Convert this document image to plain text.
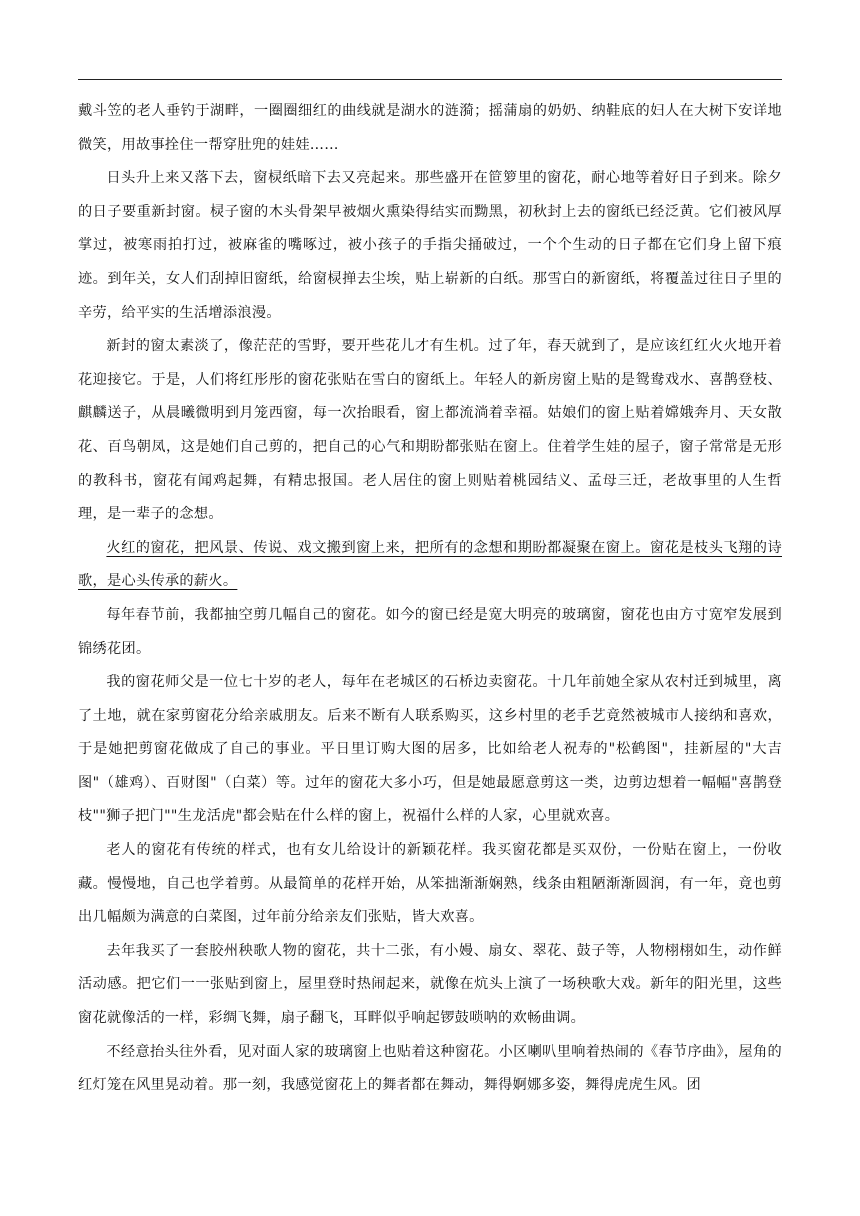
戴斗笠的老人垂钓于湖畔，一圈圈细红的曲线就是湖水的涟漪；摇蒲扇的奶奶、纳鞋底的妇人在大树下安详地微笑，用故事拴住一帮穿肚兜的娃娃……

日头升上来又落下去，窗棂纸暗下去又亮起来。那些盛开在笸箩里的窗花，耐心地等着好日子到来。除夕的日子要重新封窗。棂子窗的木头骨架早被烟火熏染得结实而黝黑，初秋封上去的窗纸已经泛黄。它们被风厚掌过，被寒雨拍打过，被麻雀的嘴啄过，被小孩子的手指尖捅破过，一个个生动的日子都在它们身上留下痕迹。到年关，女人们刮掉旧窗纸，给窗棂掸去尘埃，贴上崭新的白纸。那雪白的新窗纸，将覆盖过往日子里的辛劳，给平实的生活增添浪漫。

新封的窗太素淡了，像茫茫的雪野，要开些花儿才有生机。过了年，春天就到了，是应该红红火火地开着花迎接它。于是，人们将红彤彤的窗花张贴在雪白的窗纸上。年轻人的新房窗上贴的是鸳鸯戏水、喜鹊登枝、麒麟送子，从晨曦微明到月笼西窗，每一次抬眼看，窗上都流淌着幸福。姑娘们的窗上贴着嫦娥奔月、天女散花、百鸟朝凤，这是她们自己剪的，把自己的心气和期盼都张贴在窗上。住着学生娃的屋子，窗子常常是无形的教科书，窗花有闻鸡起舞，有精忠报国。老人居住的窗上则贴着桃园结义、孟母三迁，老故事里的人生哲理，是一辈子的念想。

火红的窗花，把风景、传说、戏文搬到窗上来，把所有的念想和期盼都凝聚在窗上。窗花是枝头飞翔的诗歌，是心头传承的薪火。

每年春节前，我都抽空剪几幅自己的窗花。如今的窗已经是宽大明亮的玻璃窗，窗花也由方寸宽窄发展到锦绣花团。

我的窗花师父是一位七十岁的老人，每年在老城区的石桥边卖窗花。十几年前她全家从农村迁到城里，离了土地，就在家剪窗花分给亲戚朋友。后来不断有人联系购买，这乡村里的老手艺竟然被城市人接纳和喜欢，于是她把剪窗花做成了自己的事业。平日里订购大图的居多，比如给老人祝寿的"松鹤图"，挂新屋的"大吉图"（雄鸡）、百财图"（白菜）等。过年的窗花大多小巧，但是她最愿意剪这一类，边剪边想着一幅幅"喜鹊登枝""狮子把门""生龙活虎"都会贴在什么样的窗上，祝福什么样的人家，心里就欢喜。

老人的窗花有传统的样式，也有女儿给设计的新颖花样。我买窗花都是买双份，一份贴在窗上，一份收藏。慢慢地，自己也学着剪。从最简单的花样开始，从笨拙渐渐娴熟，线条由粗陋渐渐圆润，有一年，竟也剪出几幅颇为满意的白菜图，过年前分给亲友们张贴，皆大欢喜。

去年我买了一套胶州秧歌人物的窗花，共十二张，有小嫚、扇女、翠花、鼓子等，人物栩栩如生，动作鲜活动感。把它们一一张贴到窗上，屋里登时热闹起来，就像在炕头上演了一场秧歌大戏。新年的阳光里，这些窗花就像活的一样，彩绸飞舞，扇子翻飞，耳畔似乎响起锣鼓唢呐的欢畅曲调。

不经意抬头往外看，见对面人家的玻璃窗上也贴着这种窗花。小区喇叭里响着热闹的《春节序曲》，屋角的红灯笼在风里晃动着。那一刻，我感觉窗花上的舞者都在舞动，舞得婀娜多姿，舞得虎虎生风。团
